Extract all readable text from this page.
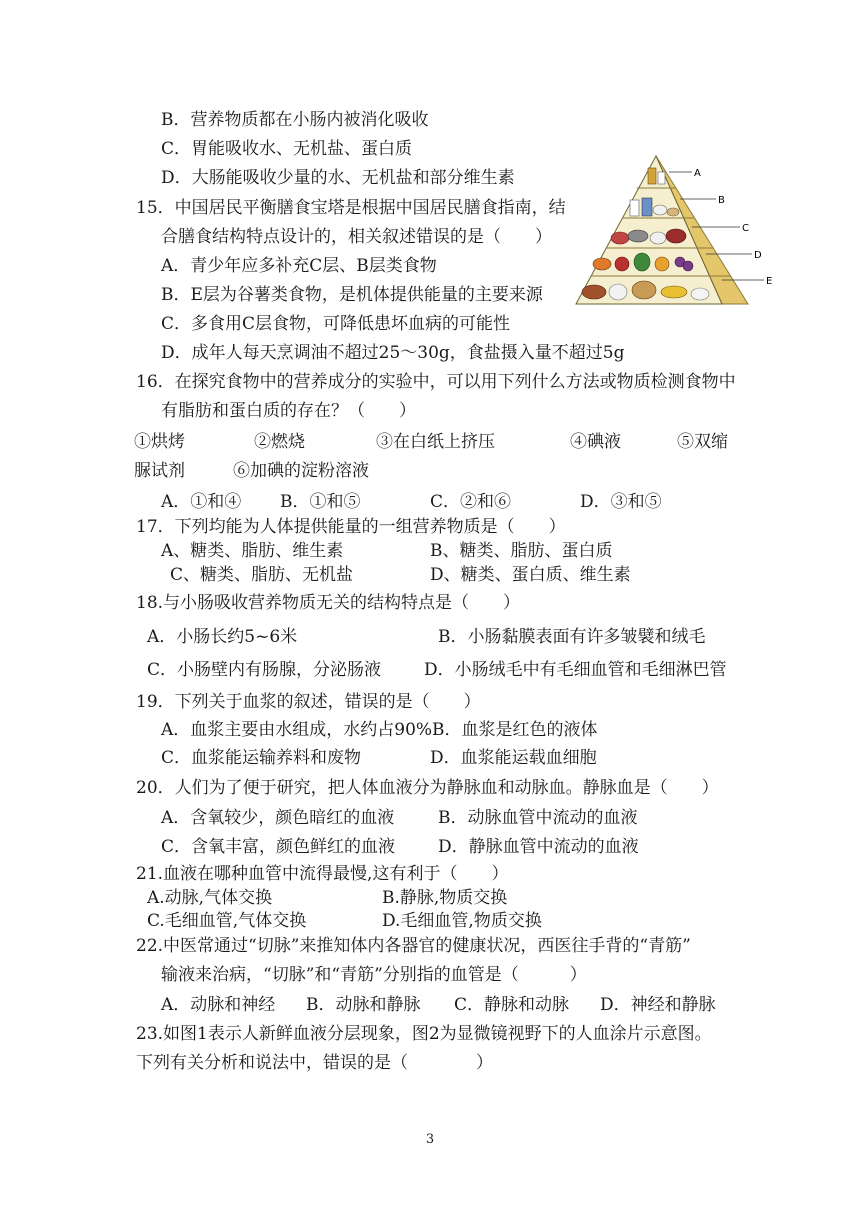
B．营养物质都在小肠内被消化吸收
C．胃能吸收水、无机盐、蛋白质
D．大肠能吸收少量的水、无机盐和部分维生素
15．中国居民平衡膳食宝塔是根据中国居民膳食指南，结
合膳食结构特点设计的，相关叙述错误的是（　　）
A．青少年应多补充C层、B层类食物
B．E层为谷薯类食物，是机体提供能量的主要来源
C．多食用C层食物，可降低患坏血病的可能性
D．成年人每天烹调油不超过25～30g，食盐摄入量不超过5g
A
B
C
D
E
16．在探究食物中的营养成分的实验中，可以用下列什么方法或物质检测食物中
有脂肪和蛋白质的存在？（　　）
①烘烤	②燃烧	③在白纸上挤压	④碘液	⑤双缩
脲试剂	⑥加碘的淀粉溶液
A．①和④ B．①和⑤	C．②和⑥	D．③和⑤
17．下列均能为人体提供能量的一组营养物质是（　　）
A、糖类、脂肪、维生素	B、糖类、脂肪、蛋白质
C、糖类、脂肪、无机盐	D、糖类、蛋白质、维生素
18.与小肠吸收营养物质无关的结构特点是（　　）
A．小肠长约5~6米	B．小肠黏膜表面有许多皱襞和绒毛
C．小肠壁内有肠腺，分泌肠液	D．小肠绒毛中有毛细血管和毛细淋巴管
19．下列关于血浆的叙述，错误的是（　　）
A．血浆主要由水组成，水约占90% B．血浆是红色的液体
C．血浆能运输养料和废物	D．血浆能运载血细胞
20．人们为了便于研究，把人体血液分为静脉血和动脉血。静脉血是（　　）
A．含氧较少，颜色暗红的血液	B．动脉血管中流动的血液
C．含氧丰富，颜色鲜红的血液	D．静脉血管中流动的血液
21.血液在哪种血管中流得最慢,这有利于（　　）
A.动脉,气体交换	B.静脉,物质交换
C.毛细血管,气体交换	D.毛细血管,物质交换
22.中医常通过“切脉”来推知体内各器官的健康状况，西医往手背的“青筋”
输液来治病，“切脉”和“青筋”分别指的血管是（　　　）
A．动脉和神经 B．动脉和静脉 C．静脉和动脉 D．神经和静脉
23.如图1表示人新鲜血液分层现象，图2为显微镜视野下的人血涂片示意图。
下列有关分析和说法中，错误的是（　　　　）
3
